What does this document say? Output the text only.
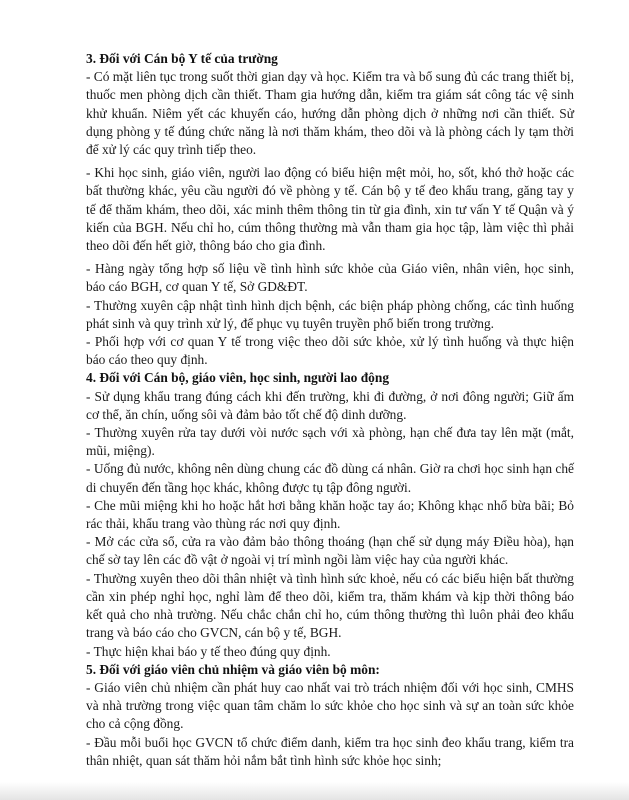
3. Đối với Cán bộ Y tế của trường

- Có mặt liên tục trong suốt thời gian dạy và học. Kiểm tra và bổ sung đủ các trang thiết bị, thuốc men phòng dịch cần thiết. Tham gia hướng dẫn, kiểm tra giám sát công tác vệ sinh khử khuẩn. Niêm yết các khuyến cáo, hướng dẫn phòng dịch ở những nơi cần thiết. Sử dụng phòng y tế đúng chức năng là nơi thăm khám, theo dõi và là phòng cách ly tạm thời để xử lý các quy trình tiếp theo.

- Khi học sinh, giáo viên, người lao động có biểu hiện mệt mỏi, ho, sốt, khó thở hoặc các bất thường khác, yêu cầu người đó về phòng y tế. Cán bộ y tế đeo khẩu trang, găng tay y tế để thăm khám, theo dõi, xác minh thêm thông tin từ gia đình, xin tư vấn Y tế Quận và ý kiến của BGH. Nếu chỉ ho, cúm thông thường mà vẫn tham gia học tập, làm việc thì phải theo dõi đến hết giờ, thông báo cho gia đình.

- Hàng ngày tổng hợp số liệu về tình hình sức khỏe của Giáo viên, nhân viên, học sinh, báo cáo BGH, cơ quan Y tế, Sở GD&ĐT.

- Thường xuyên cập nhật tình hình dịch bệnh, các biện pháp phòng chống, các tình huống phát sinh và quy trình xử lý, để phục vụ tuyên truyền phổ biến trong trường.

- Phối hợp với cơ quan Y tế trong việc theo dõi sức khỏe, xử lý tình huống và thực hiện báo cáo theo quy định.

4. Đối với Cán bộ, giáo viên, học sinh, người lao động

- Sử dụng khẩu trang đúng cách khi đến trường, khi đi đường, ở nơi đông người; Giữ ấm cơ thể, ăn chín, uống sôi và đảm bảo tốt chế độ dinh dưỡng.

- Thường xuyên rửa tay dưới vòi nước sạch với xà phòng, hạn chế đưa tay lên mặt (mắt, mũi, miệng).

- Uống đủ nước, không nên dùng chung các đồ dùng cá nhân. Giờ ra chơi học sinh hạn chế di chuyển đến tầng học khác, không được tụ tập đông người.

- Che mũi miệng khi ho hoặc hắt hơi bằng khăn hoặc tay áo; Không khạc nhổ bừa bãi; Bỏ rác thải, khẩu trang vào thùng rác nơi quy định.

- Mở các cửa sổ, cửa ra vào đảm bảo thông thoáng (hạn chế sử dụng máy Điều hòa), hạn chế sờ tay lên các đồ vật ở ngoài vị trí mình ngồi làm việc hay của người khác.

- Thường xuyên theo dõi thân nhiệt và tình hình sức khoẻ, nếu có các biểu hiện bất thường cần xin phép nghỉ học, nghỉ làm để theo dõi, kiểm tra, thăm khám và kịp thời thông báo kết quả cho nhà trường. Nếu chắc chắn chỉ ho, cúm thông thường thì luôn phải đeo khẩu trang và báo cáo cho GVCN, cán bộ y tế, BGH.

- Thực hiện khai báo y tế theo đúng quy định.

5. Đối với giáo viên chủ nhiệm và giáo viên bộ môn:

- Giáo viên chủ nhiệm cần phát huy cao nhất vai trò trách nhiệm đối với học sinh, CMHS và nhà trường trong việc quan tâm chăm lo sức khỏe cho học sinh và sự an toàn sức khỏe cho cả cộng đồng.

- Đầu mỗi buổi học GVCN tổ chức điểm danh, kiểm tra học sinh đeo khẩu trang, kiểm tra thân nhiệt, quan sát thăm hỏi nắm bắt tình hình sức khỏe học sinh;
